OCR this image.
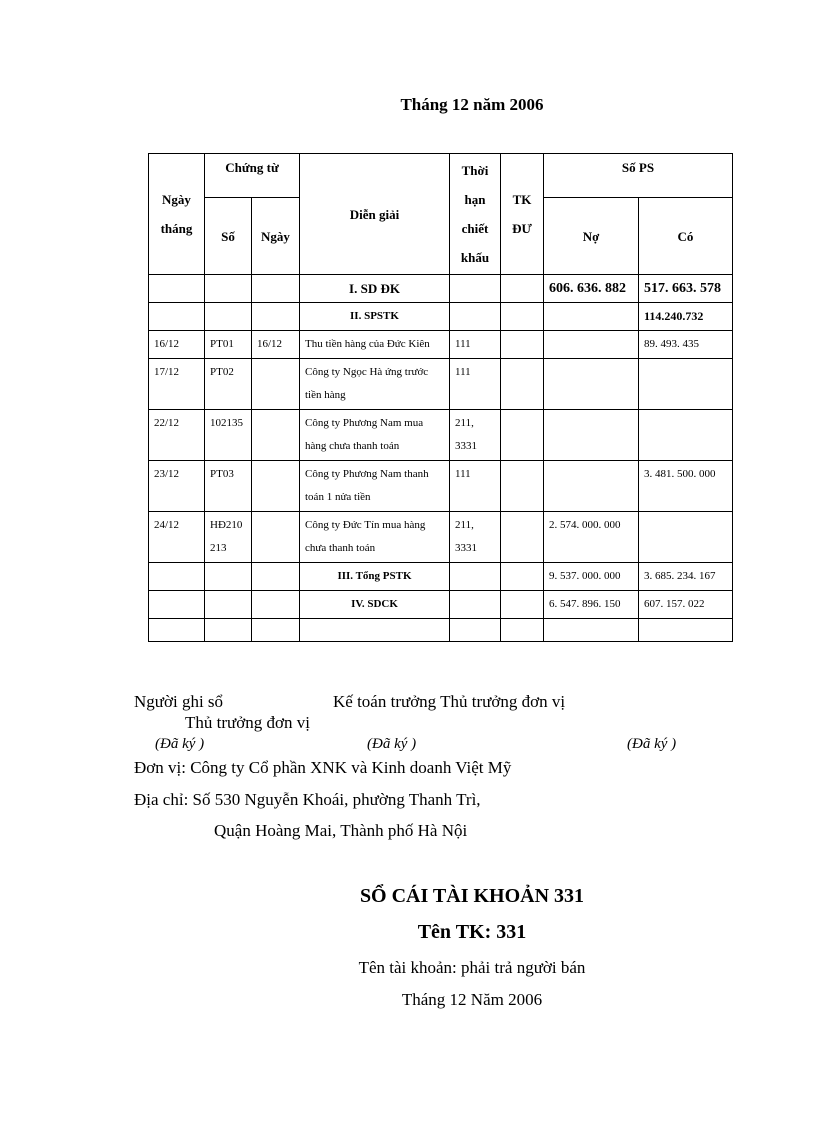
Tháng 12 năm 2006
Ngày tháng	Chứng từ		Diễn giải	Thời hạn chiết khấu	TK ĐƯ	Số PS	
	Số	Ngày				Nợ	Có
			I. SD ĐK			606. 636. 882	517. 663. 578
			II. SPSTK				114.240.732
16/12	PT01	16/12	Thu tiền hàng của Đức Kiên	111			89. 493. 435
17/12	PT02		Công ty Ngọc Hà ứng trước tiền hàng	111			
22/12	102135		Công ty Phương Nam mua hàng chưa thanh toán	211, 3331			
23/12	PT03		Công ty Phương Nam thanh toán 1 nửa tiền	111			3. 481. 500. 000
24/12	HĐ210213		Công ty Đức Tín mua hàng chưa thanh toán	211, 3331		2. 574. 000. 000	
			III. Tổng PSTK			9. 537. 000. 000	3. 685. 234. 167
			IV. SDCK			6. 547. 896. 150	607. 157. 022

Người ghi sổ	Kế toán trưởng Thủ trưởng đơn vị
Thủ trưởng đơn vị
(Đã ký )	(Đã ký )	(Đã ký )
Đơn vị: Công ty Cổ phần XNK và Kinh doanh Việt Mỹ
Địa chỉ: Số 530 Nguyễn Khoái, phường Thanh Trì,
Quận Hoàng Mai, Thành phố Hà Nội
SỔ CÁI TÀI KHOẢN 331
Tên TK: 331
Tên tài khoản: phải trả người bán
Tháng 12 Năm 2006
